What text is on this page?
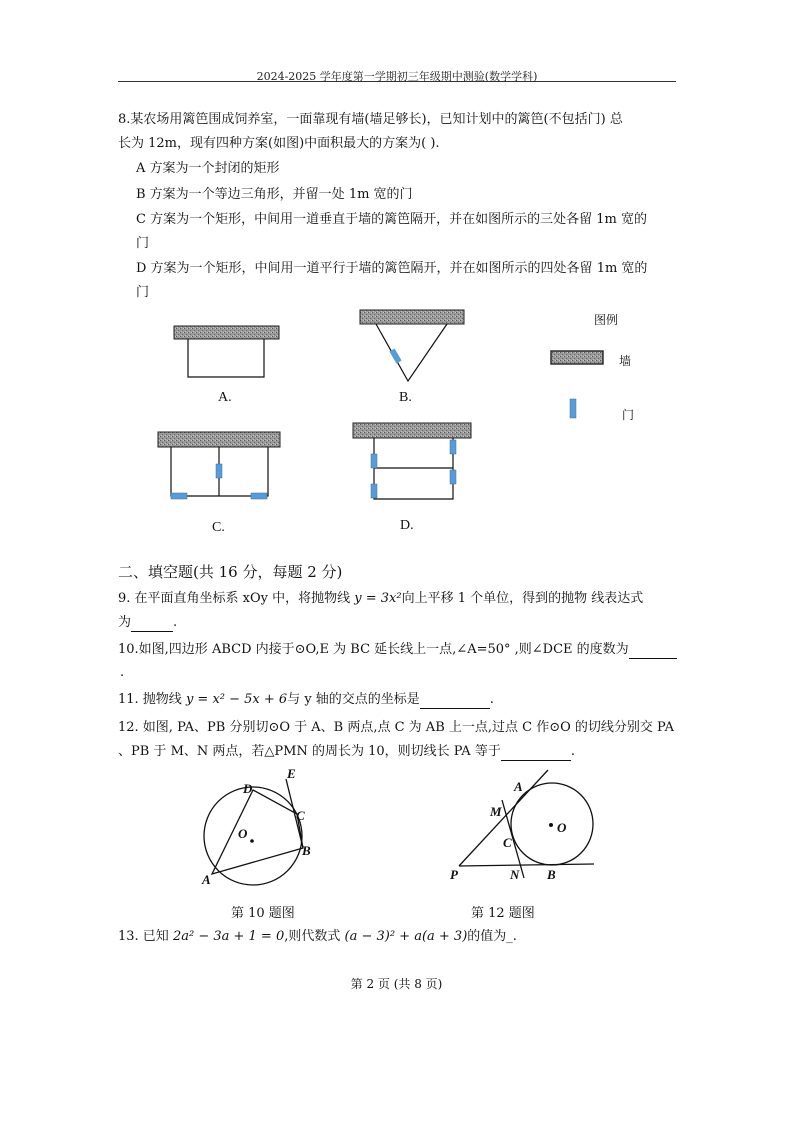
2024-2025 学年度第一学期初三年级期中测验(数学学科)
8.某农场用篱笆围成饲养室，一面靠现有墙(墙足够长)，已知计划中的篱笆(不包括门) 总
长为 12m，现有四种方案(如图)中面积最大的方案为( ).
A 方案为一个封闭的矩形
B 方案为一个等边三角形，并留一处 1m 宽的门
C 方案为一个矩形，中间用一道垂直于墙的篱笆隔开，并在如图所示的三处各留 1m 宽的
门
D 方案为一个矩形，中间用一道平行于墙的篱笆隔开，并在如图所示的四处各留 1m 宽的
门
A.	B.
C.	D.
图例
墙
门
二、填空题(共 16 分，每题 2 分)
9. 在平面直角坐标系 xOy 中，将抛物线 y = 3x²向上平移 1 个单位，得到的抛物 线表达式
为	.
10.如图,四边形 ABCD 内接于⊙O,E 为 BC 延长线上一点,∠A=50° ,则∠DCE 的度数为
.
11. 抛物线 y = x² − 5x + 6与 y 轴的交点的坐标是	.
12. 如图, PA、PB 分别切⊙O 于 A、B 两点,点 C 为 AB 上一点,过点 C 作⊙O 的切线分别交 PA
、PB 于 M、N 两点，若△PMN 的周长为 10，则切线长 PA 等于	.
D
E
C
O
B
A
第 10 题图
A
M
O
C
P	N B
第 12 题图
13. 已知 2a² − 3a + 1 = 0,则代数式 (a − 3)² + a(a + 3)的值为_.
第 2 页 (共 8 页)
